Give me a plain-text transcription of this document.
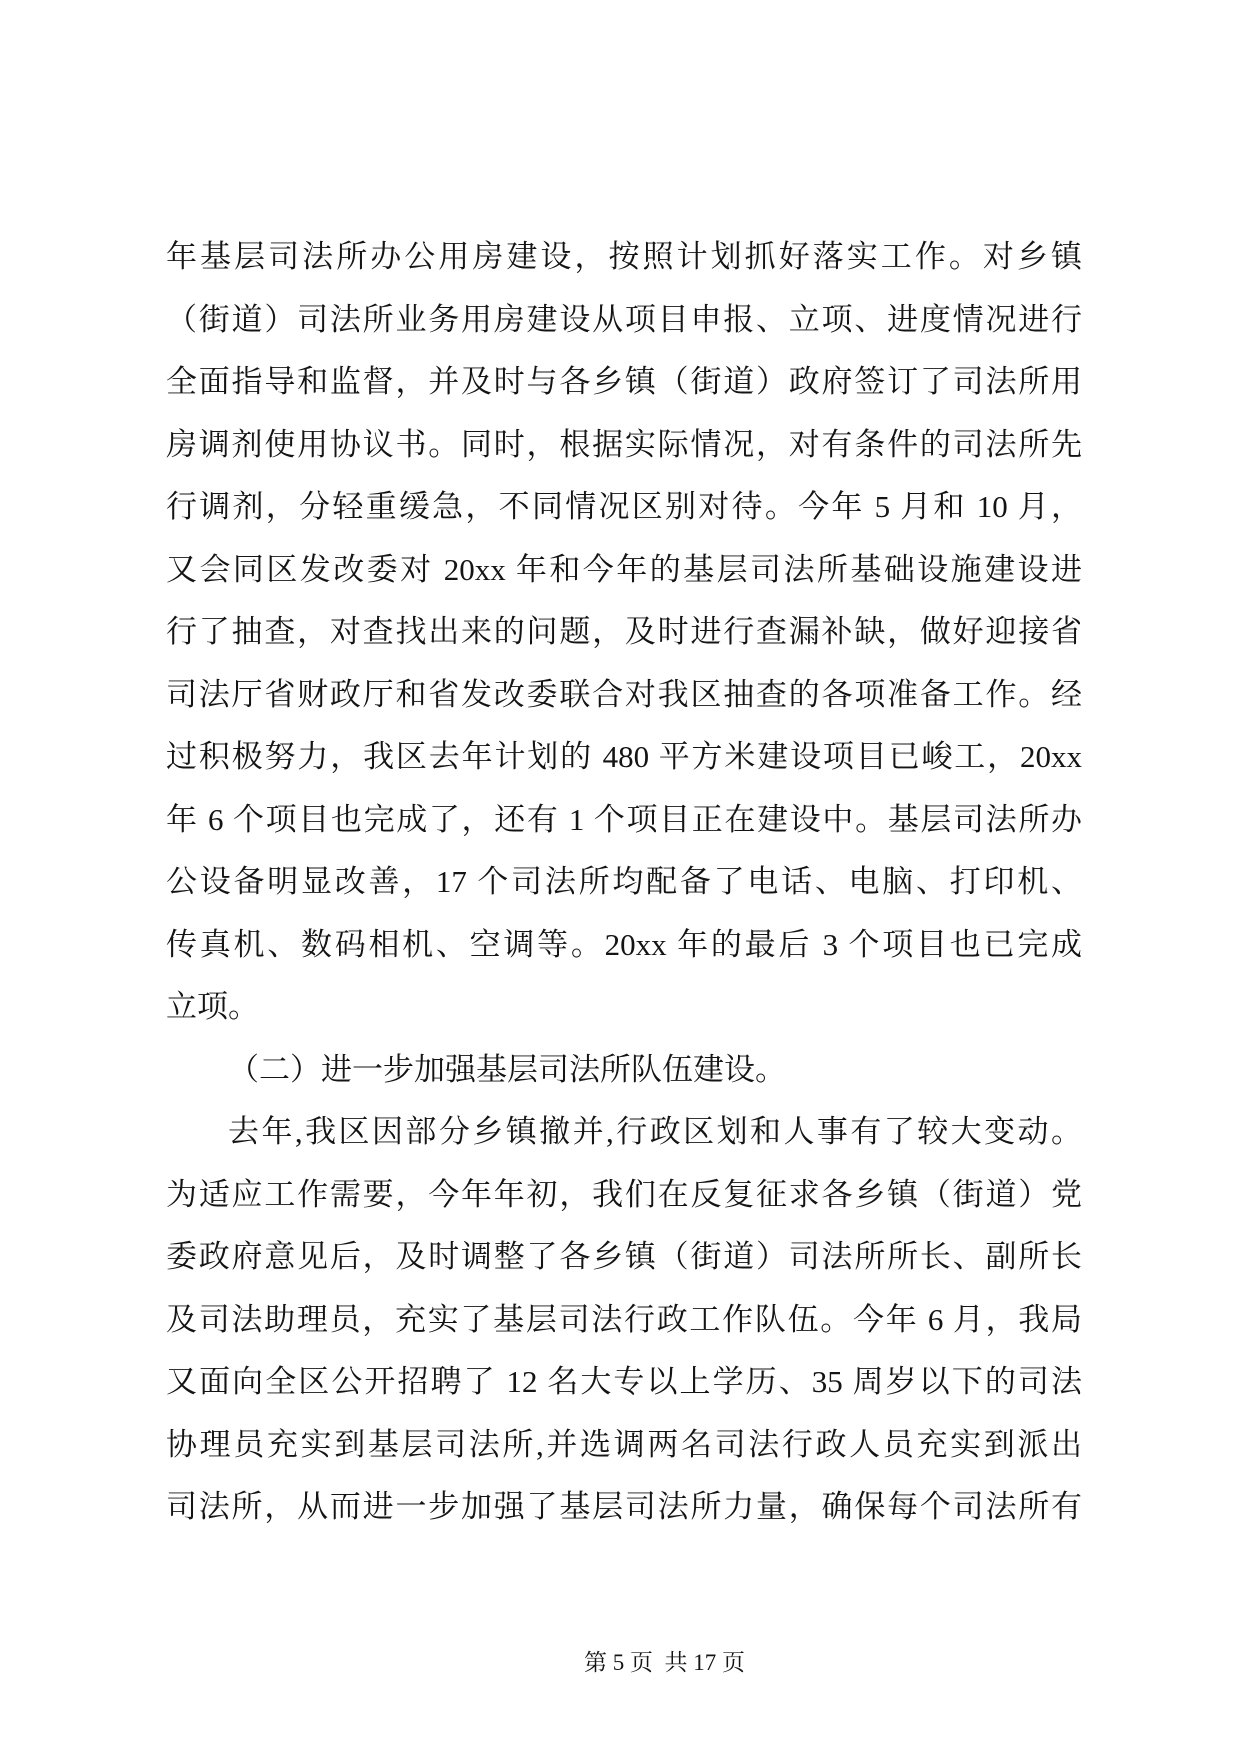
年基层司法所办公用房建设，按照计划抓好落实工作。对乡镇
（街道）司法所业务用房建设从项目申报、立项、进度情况进行
全面指导和监督，并及时与各乡镇（街道）政府签订了司法所用
房调剂使用协议书。同时，根据实际情况，对有条件的司法所先
行调剂，分轻重缓急，不同情况区别对待。今年 5 月和 10 月，
又会同区发改委对 20xx 年和今年的基层司法所基础设施建设进
行了抽查，对查找出来的问题，及时进行查漏补缺，做好迎接省
司法厅省财政厅和省发改委联合对我区抽查的各项准备工作。经
过积极努力，我区去年计划的 480 平方米建设项目已峻工，20xx
年 6 个项目也完成了，还有 1 个项目正在建设中。基层司法所办
公设备明显改善，17 个司法所均配备了电话、电脑、打印机、
传真机、数码相机、空调等。20xx 年的最后 3 个项目也已完成
立项。
（二）进一步加强基层司法所队伍建设。
去年,我区因部分乡镇撤并,行政区划和人事有了较大变动。
为适应工作需要，今年年初，我们在反复征求各乡镇（街道）党
委政府意见后，及时调整了各乡镇（街道）司法所所长、副所长
及司法助理员，充实了基层司法行政工作队伍。今年 6 月，我局
又面向全区公开招聘了 12 名大专以上学历、35 周岁以下的司法
协理员充实到基层司法所,并选调两名司法行政人员充实到派出
司法所，从而进一步加强了基层司法所力量，确保每个司法所有

第 5 页  共 17 页
